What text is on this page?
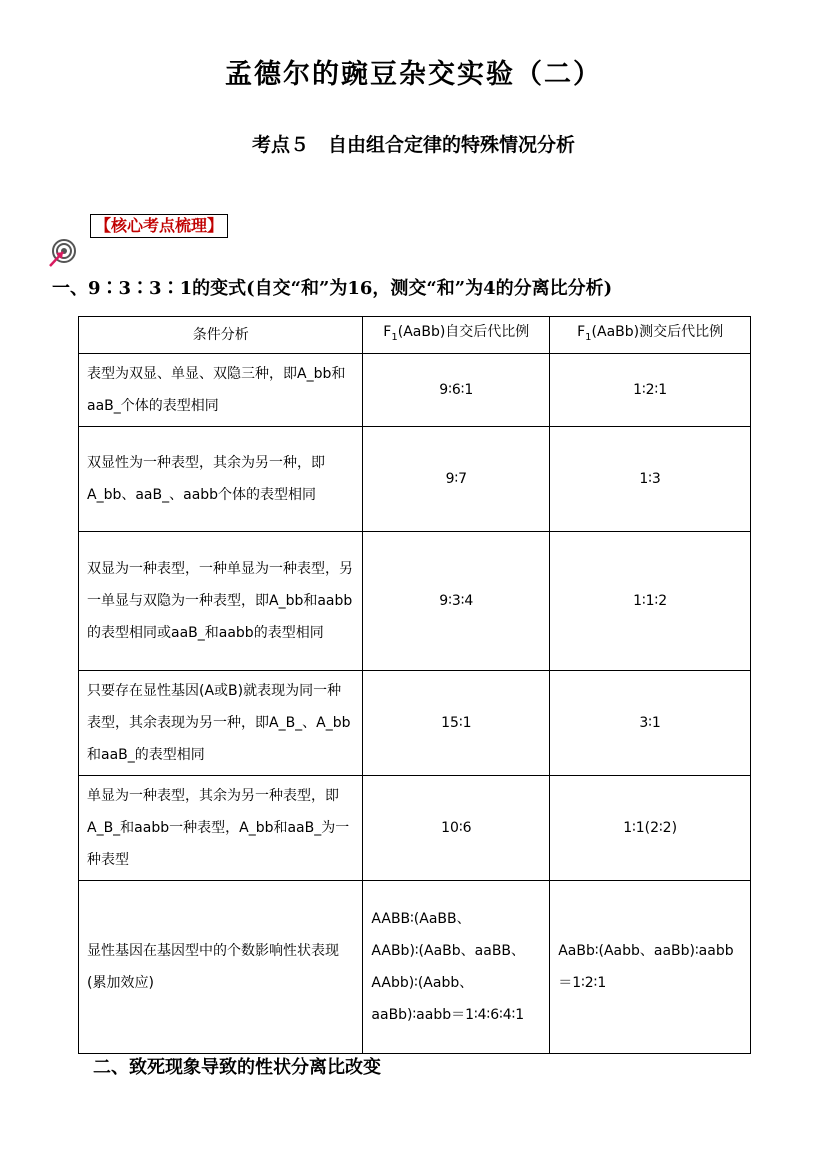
孟德尔的豌豆杂交实验（二）
考点５　自由组合定律的特殊情况分析
【核心考点梳理】
一、9∶3∶3∶1的变式(自交“和”为16，测交“和”为4的分离比分析)
条件分析	$F_1(AaBb)$自交后代比例	$F_1(AaBb)$测交后代比例
表型为双显、单显、双隐三种，即A_bb和aaB_个体的表型相同	9∶6∶1	1∶2∶1
双显性为一种表型，其余为另一种，即A_bb、aaB_、aabb个体的表型相同	9∶7	1∶3
双显为一种表型，一种单显为一种表型，另一单显与双隐为一种表型，即A_bb和aabb的表型相同或aaB_和aabb的表型相同	9∶3∶4	1∶1∶2
只要存在显性基因(A或B)就表现为同一种表型，其余表现为另一种，即A_B_、A_bb和aaB_的表型相同	15∶1	3∶1
单显为一种表型，其余为另一种表型，即A_B_和aabb一种表型，A_bb和aaB_为一种表型	10∶6	1∶1(2∶2)
显性基因在基因型中的个数影响性状表现(累加效应)	AABB∶(AaBB、AABb)∶(AaBb、aaBB、AAbb)∶(Aabb、aaBb)∶aabb＝1∶4∶6∶4∶1	AaBb∶(Aabb、aaBb)∶aabb＝1∶2∶1
二、致死现象导致的性状分离比改变
